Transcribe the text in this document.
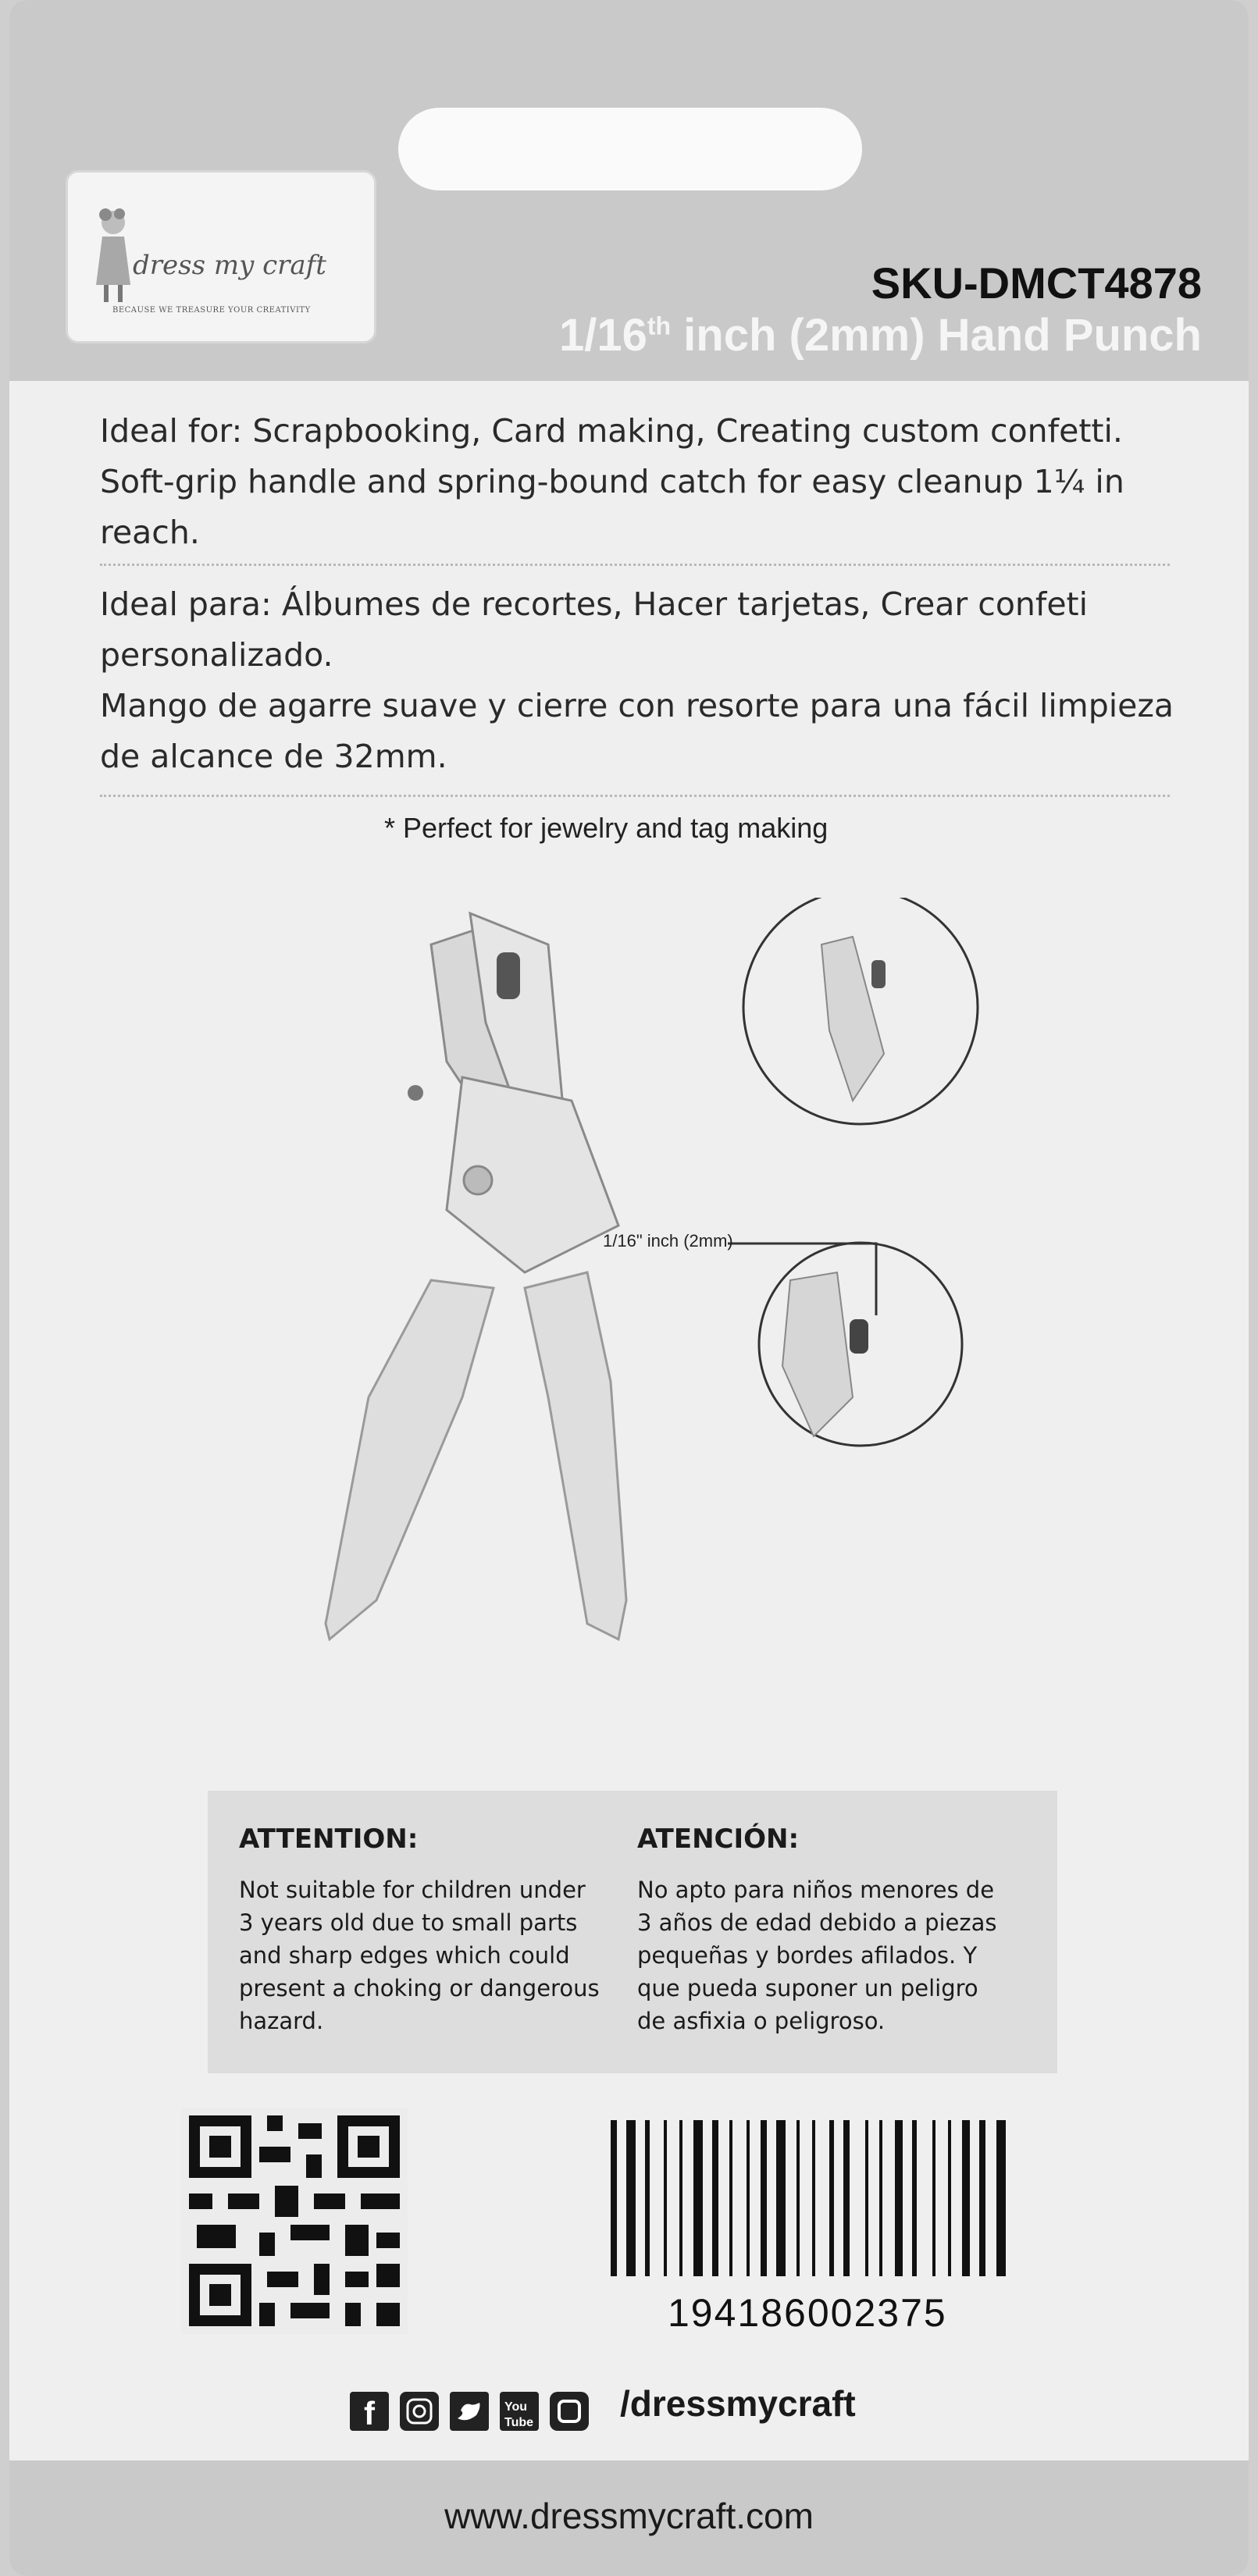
dress my craft
BECAUSE WE TREASURE YOUR CREATIVITY
SKU-DMCT4878
1/16th inch (2mm) Hand Punch
Ideal for: Scrapbooking, Card making, Creating custom confetti.
Soft-grip handle and spring-bound catch for easy cleanup 1¼ in reach.
Ideal para: Álbumes de recortes, Hacer tarjetas, Crear confeti personalizado.
Mango de agarre suave y cierre con resorte para una fácil limpieza de alcance de 32mm.
* Perfect for jewelry and tag making
1/16" inch (2mm)
ATTENTION:
Not suitable for children under 3 years old due to small parts and sharp edges which could present a choking or dangerous hazard.
ATENCIÓN:
No apto para niños menores de 3 años de edad debido a piezas pequeñas y bordes afilados. Y que pueda suponer un peligro de asfixia o peligroso.
194186002375
f	You
Tube /dressmycraft
www.dressmycraft.com
